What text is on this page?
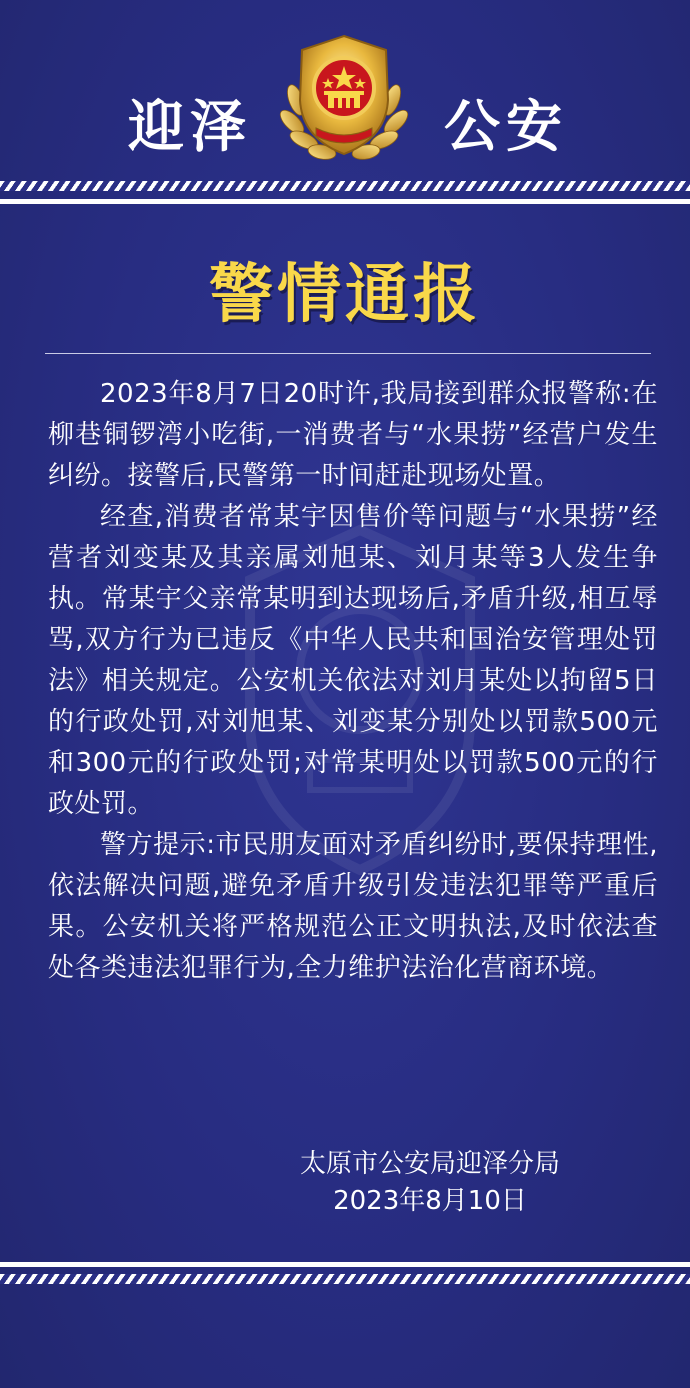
迎泽	公安
警情通报

2023年8月7日20时许,我局接到群众报警称:在柳巷铜锣湾小吃街,一消费者与“水果捞”经营户发生纠纷。接警后,民警第一时间赶赴现场处置。

经查,消费者常某宇因售价等问题与“水果捞”经营者刘变某及其亲属刘旭某、刘月某等3人发生争执。常某宇父亲常某明到达现场后,矛盾升级,相互辱骂,双方行为已违反《中华人民共和国治安管理处罚法》相关规定。公安机关依法对刘月某处以拘留5日的行政处罚,对刘旭某、刘变某分别处以罚款500元和300元的行政处罚;对常某明处以罚款500元的行政处罚。

警方提示:市民朋友面对矛盾纠纷时,要保持理性,依法解决问题,避免矛盾升级引发违法犯罪等严重后果。公安机关将严格规范公正文明执法,及时依法查处各类违法犯罪行为,全力维护法治化营商环境。

太原市公安局迎泽分局
2023年8月10日
